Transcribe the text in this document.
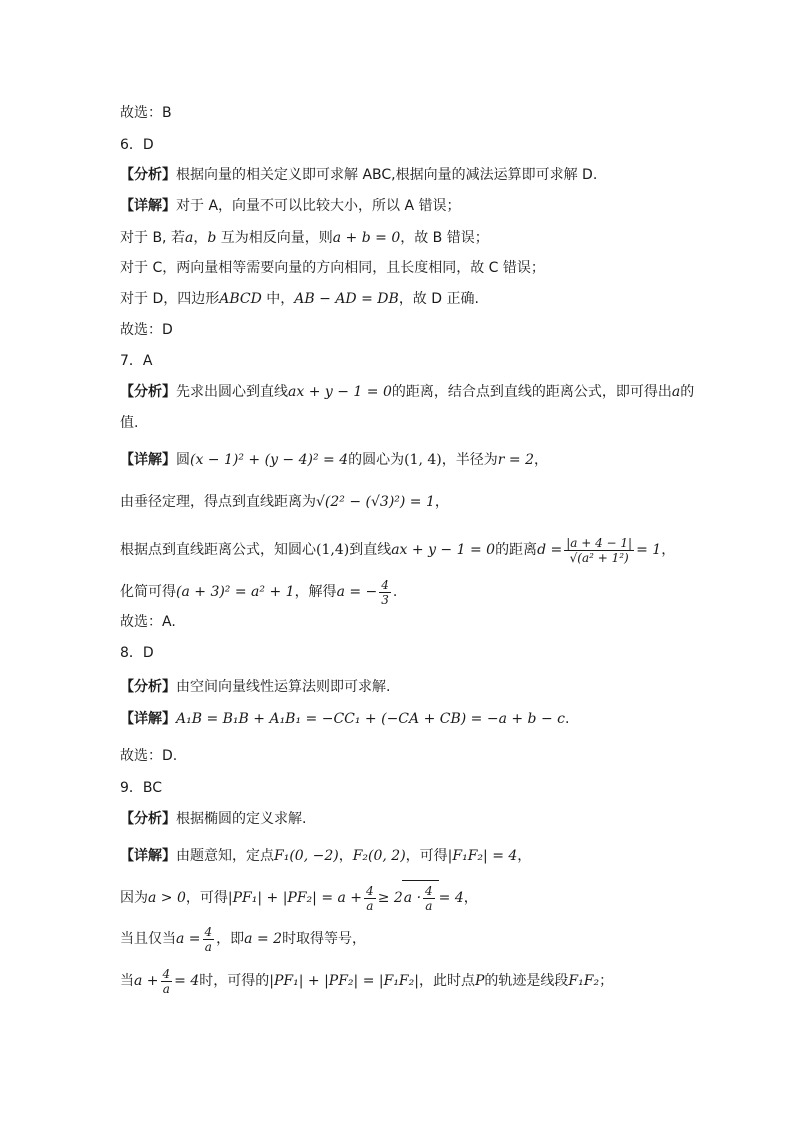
故选：B
6．D
【分析】根据向量的相关定义即可求解 ABC,根据向量的减法运算即可求解 D.
【详解】对于 A，向量不可以比较大小，所以 A 错误；
对于 B, 若a，b 互为相反向量，则a + b = 0，故 B 错误；
对于 C，两向量相等需要向量的方向相同，且长度相同，故 C 错误；
对于 D，四边形ABCD 中，AB − AD = DB，故 D 正确.
故选：D
7．A
【分析】先求出圆心到直线ax + y − 1 = 0的距离，结合点到直线的距离公式，即可得出a的
值.
【详解】圆(x − 1)² + (y − 4)² = 4的圆心为(1, 4)，半径为r = 2，
由垂径定理，得点到直线距离为√(2² − (√3)²) = 1，
根据点到直线距离公式，知圆心(1,4)到直线ax + y − 1 = 0的距离$d = \frac{|a + 4 - 1|}{\text{√(a² + 1²)}} = 1$，
化简可得(a + 3)² = a² + 1，解得a = − $\frac{4}{3}$ .
故选：A.
8．D
【分析】由空间向量线性运算法则即可求解.
【详解】A₁B = B₁B + A₁B₁ = −CC₁ + (−CA + CB) = −a + b − c.
故选：D.
9．BC
【分析】根据椭圆的定义求解.
【详解】由题意知，定点F₁(0, −2)，F₂(0, 2)，可得|F₁F₂| = 4，
因为a > 0，可得$|PF_1| + |PF_2| = a + \frac{4}{a} \ge 2a \cdot \frac{4}{a} = 4$，
当且仅当$a = \frac{4}{a}$ ，即a = 2时取得等号，
当$a + \frac{4}{a} = 4$时，可得的|PF₁| + |PF₂| = |F₁F₂|，此时点P的轨迹是线段F₁F₂；
